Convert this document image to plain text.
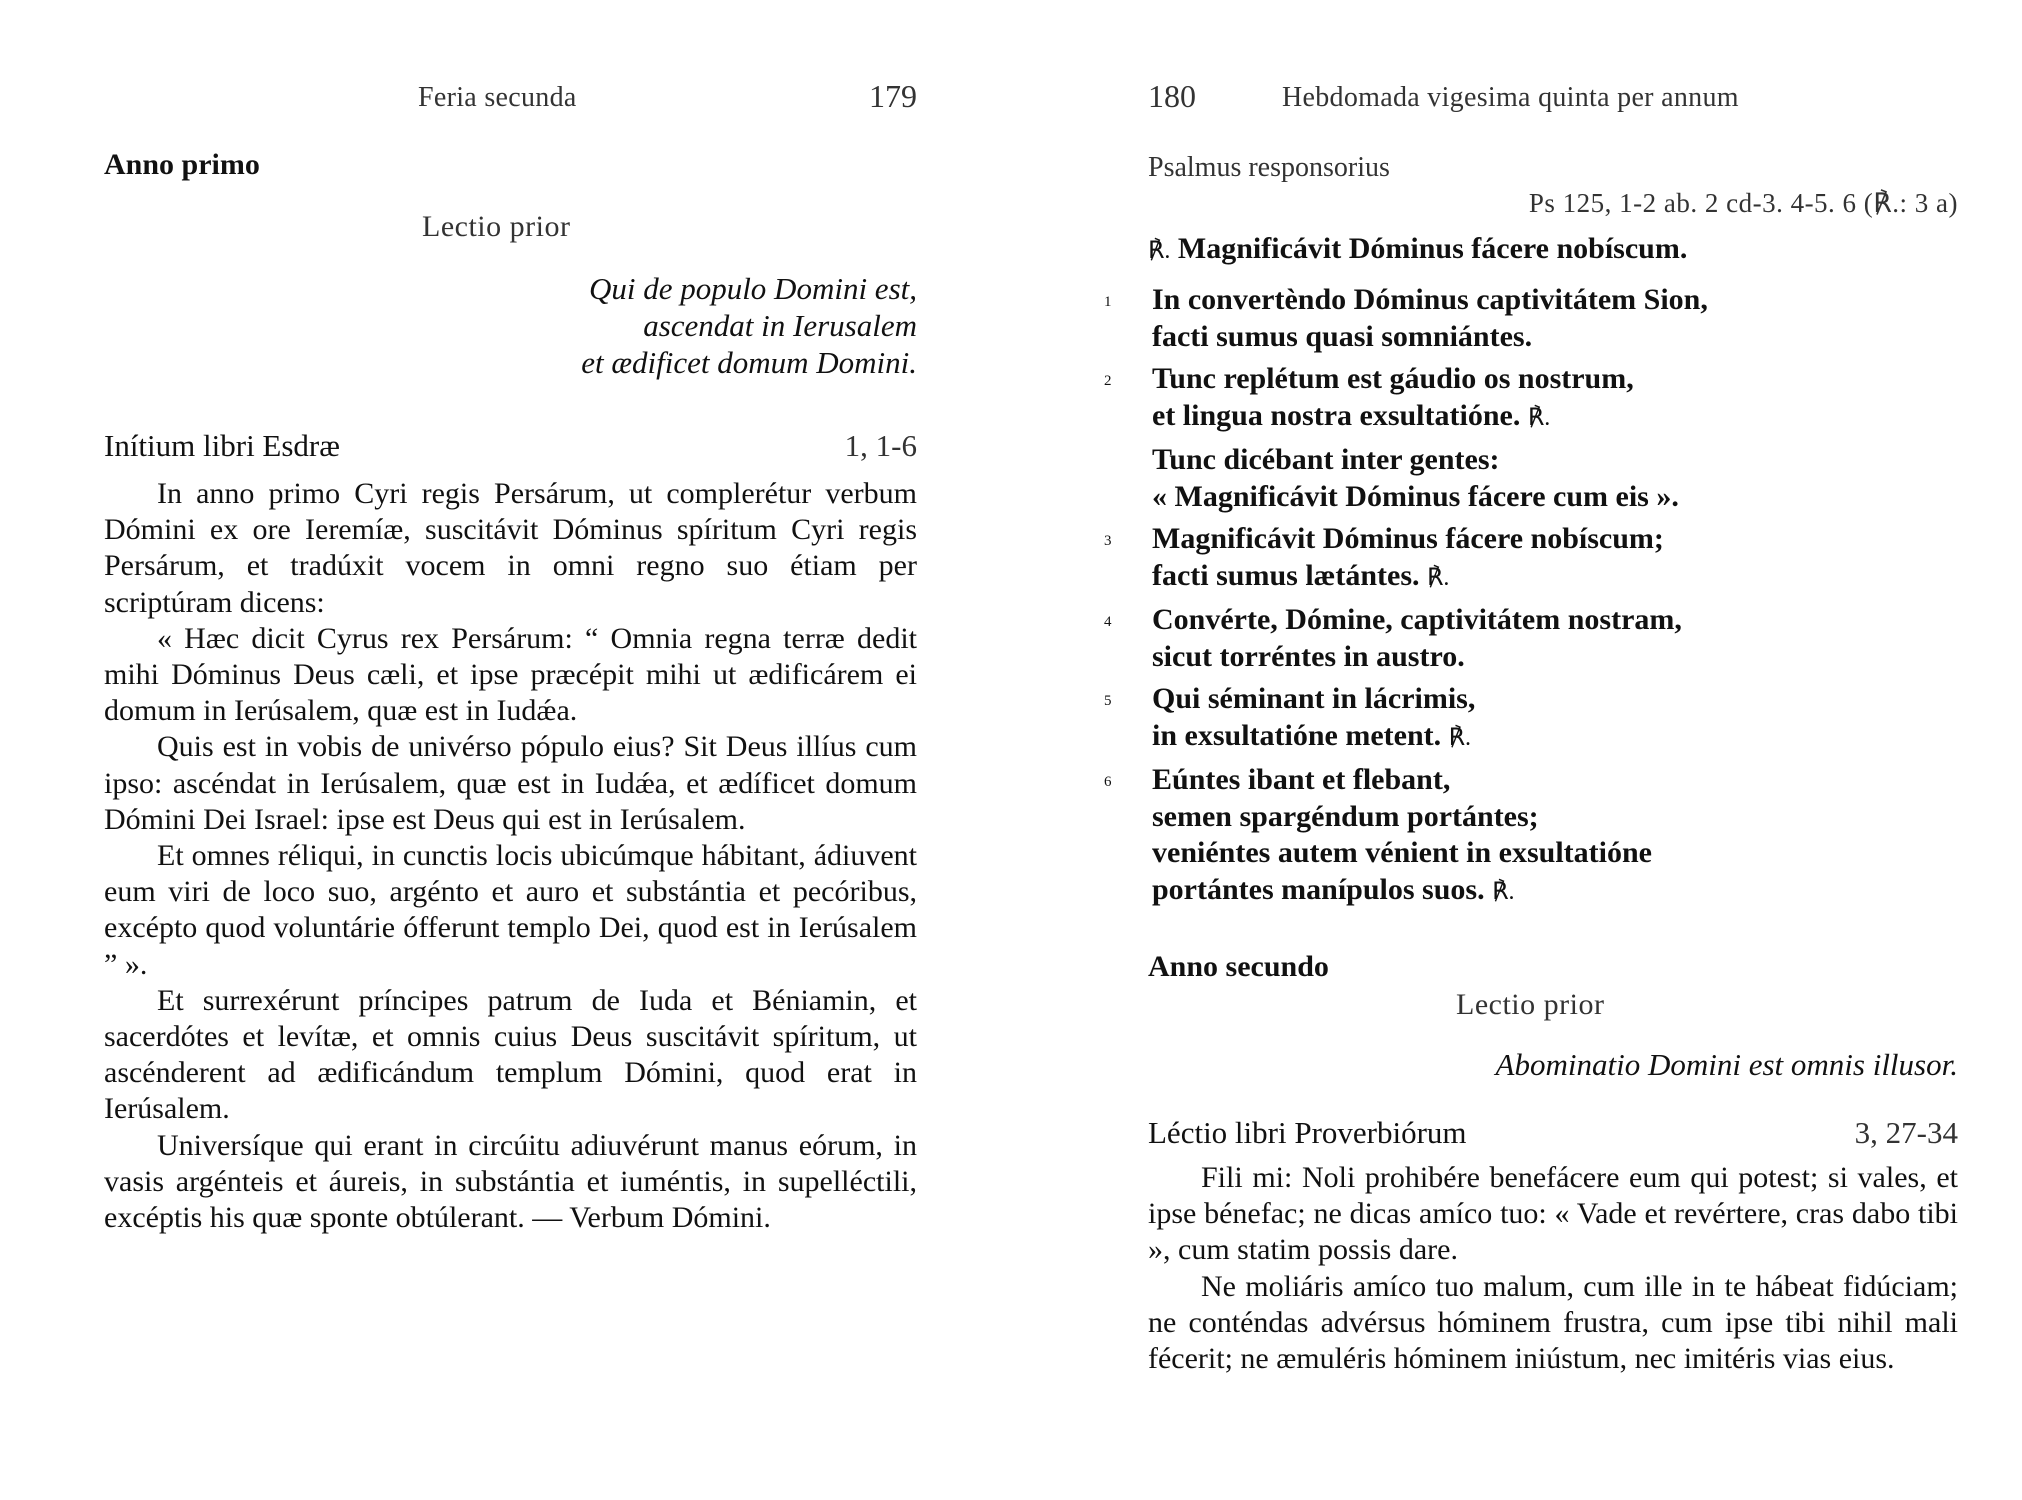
Feria secunda	179
Anno primo
Lectio prior
Qui de populo Domini est,
ascendat in Ierusalem
et ædificet domum Domini.
Inítium libri Esdræ	1, 1-6

In anno primo Cyri regis Persárum, ut complerétur verbum Dómini ex ore Ieremíæ, suscitávit Dóminus spíritum Cyri regis Persárum, et tradúxit vocem in omni regno suo étiam per scriptúram dicens:

« Hæc dicit Cyrus rex Persárum: “ Omnia regna terræ dedit mihi Dóminus Deus cæli, et ipse præcépit mihi ut ædificárem ei domum in Ierúsalem, quæ est in Iudǽa.

Quis est in vobis de univérso pópulo eius? Sit Deus illíus cum ipso: ascéndat in Ierúsalem, quæ est in Iudǽa, et ædíficet domum Dómini Dei Israel: ipse est Deus qui est in Ierúsalem.

Et omnes réliqui, in cunctis locis ubicúmque hábitant, ádiuvent eum viri de loco suo, argénto et auro et substántia et pecóribus, excépto quod voluntárie ófferunt templo Dei, quod est in Ierúsalem ” ».

Et surrexérunt príncipes patrum de Iuda et Béniamin, et sacerdótes et levítæ, et omnis cuius Deus suscitávit spíritum, ut ascénderent ad ædificándum templum Dómini, quod erat in Ierúsalem.

Universíque qui erant in circúitu adiuvérunt manus eórum, in vasis argénteis et áureis, in substántia et iuméntis, in supelléctili, excéptis his quæ sponte obtúlerant. — Verbum Dómini.

180	Hebdomada vigesima quinta per annum
Psalmus responsorius
Ps 125, 1-2 ab. 2 cd-3. 4-5. 6 (℟.: 3 a)
℟. Magnificávit Dóminus fácere nobíscum.
1 In convertèndo Dóminus captivitátem Sion,
facti sumus quasi somniántes.
2 Tunc replétum est gáudio os nostrum,
et lingua nostra exsultatióne. ℟.
Tunc dicébant inter gentes:
« Magnificávit Dóminus fácere cum eis ».
3 Magnificávit Dóminus fácere nobíscum;
facti sumus lætántes. ℟.
4 Convérte, Dómine, captivitátem nostram,
sicut torréntes in austro.
5 Qui séminant in lácrimis,
in exsultatióne metent. ℟.
6 Eúntes ibant et flebant,
semen spargéndum portántes;
veniéntes autem vénient in exsultatióne
portántes manípulos suos. ℟.
Anno secundo
Lectio prior
Abominatio Domini est omnis illusor.
Léctio libri Proverbiórum	3, 27-34

Fili mi: Noli prohibére benefácere eum qui potest; si vales, et ipse bénefac; ne dicas amíco tuo: « Vade et revértere, cras dabo tibi », cum statim possis dare.

Ne moliáris amíco tuo malum, cum ille in te hábeat fidúciam; ne conténdas advérsus hóminem frustra, cum ipse tibi nihil mali fécerit; ne æmuléris hóminem iniústum, nec imitéris vias eius.
